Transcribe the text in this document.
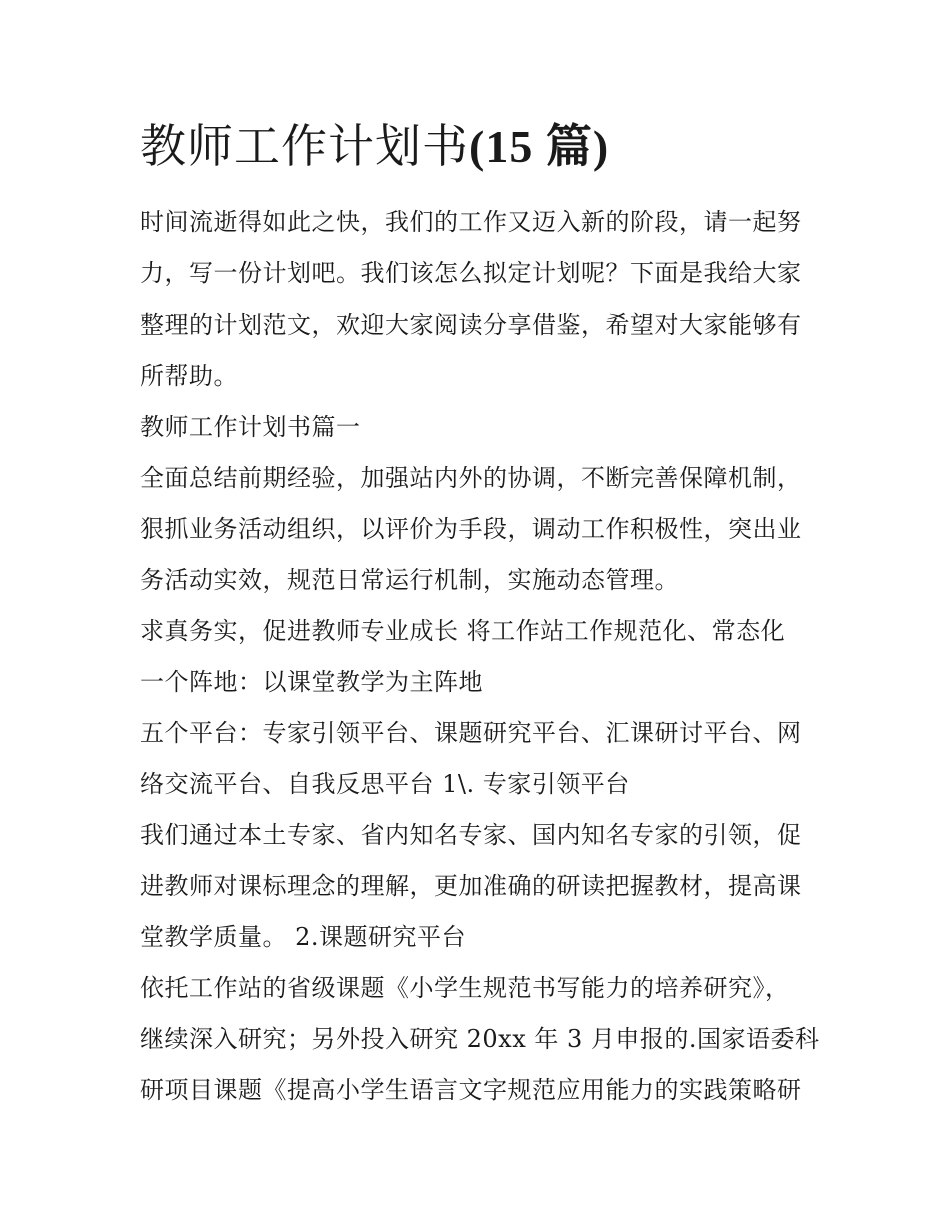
教师工作计划书(15 篇)

时间流逝得如此之快，我们的工作又迈入新的阶段，请一起努

力，写一份计划吧。我们该怎么拟定计划呢？下面是我给大家

整理的计划范文，欢迎大家阅读分享借鉴，希望对大家能够有

所帮助。

教师工作计划书篇一

全面总结前期经验，加强站内外的协调，不断完善保障机制，

狠抓业务活动组织，以评价为手段，调动工作积极性，突出业

务活动实效，规范日常运行机制，实施动态管理。

求真务实，促进教师专业成长 将工作站工作规范化、常态化

一个阵地：以课堂教学为主阵地

五个平台：专家引领平台、课题研究平台、汇课研讨平台、网

络交流平台、自我反思平台 1\. 专家引领平台

我们通过本土专家、省内知名专家、国内知名专家的引领，促

进教师对课标理念的理解，更加准确的研读把握教材，提高课

堂教学质量。 2.课题研究平台

依托工作站的省级课题《小学生规范书写能力的培养研究》，

继续深入研究；另外投入研究 20xx 年 3 月申报的.国家语委科

研项目课题《提高小学生语言文字规范应用能力的实践策略研
